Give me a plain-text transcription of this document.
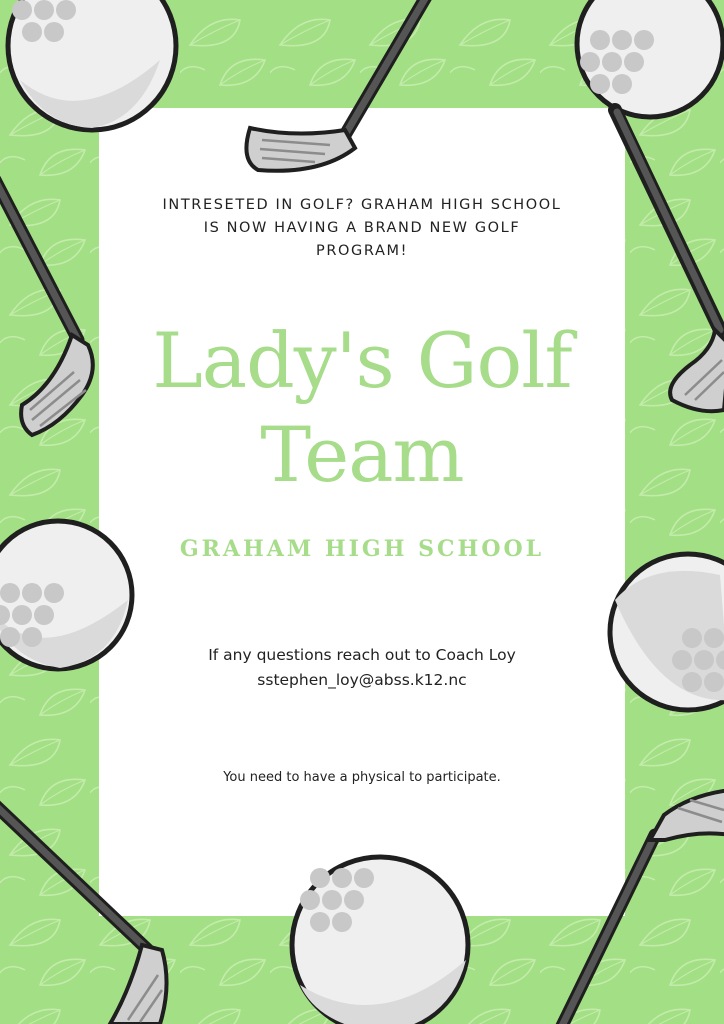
INTRESETED IN GOLF? GRAHAM HIGH SCHOOL IS NOW HAVING A BRAND NEW GOLF PROGRAM!
Lady's Golf
Team
GRAHAM HIGH SCHOOL
If any questions reach out to Coach Loy
sstephen_loy@abss.k12.nc
You need to have a physical to participate.
